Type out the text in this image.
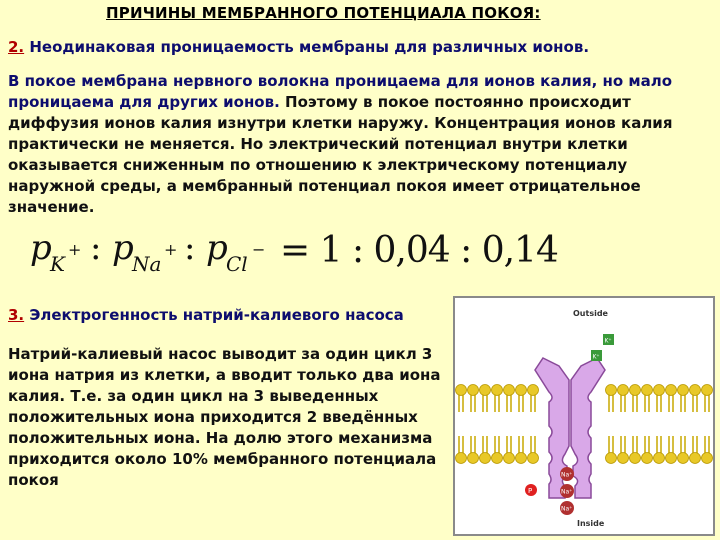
ПРИЧИНЫ МЕМБРАННОГО ПОТЕНЦИАЛА ПОКОЯ:
2. Неодинаковая проницаемость мембраны для различных ионов.
В покое мембрана нервного волокна проницаема для ионов калия, но мало проницаема для других ионов. Поэтому в покое постоянно происходит диффузия ионов калия изнутри клетки наружу. Концентрация ионов калия практически не меняется. Но электрический потенциал внутри клетки оказывается сниженным по отношению к электрическому потенциалу наружной среды, а мембранный потенциал покоя имеет отрицательное значение.
p
K
+ : p
Na
+ : p
Cl
− = 1 : 0,04 : 0,14
3. Электрогенность натрий-калиевого насоса
Натрий-калиевый насос выводит за один цикл 3 иона натрия из клетки, а вводит только два иона калия. Т.е. за один цикл на 3 выведенных положительных иона приходится 2 введённых положительных иона. На долю этого механизма приходится около 10% мембранного потенциала покоя
Outside
Inside
K⁺
K⁺
Na⁺
Na⁺
Na⁺
P
